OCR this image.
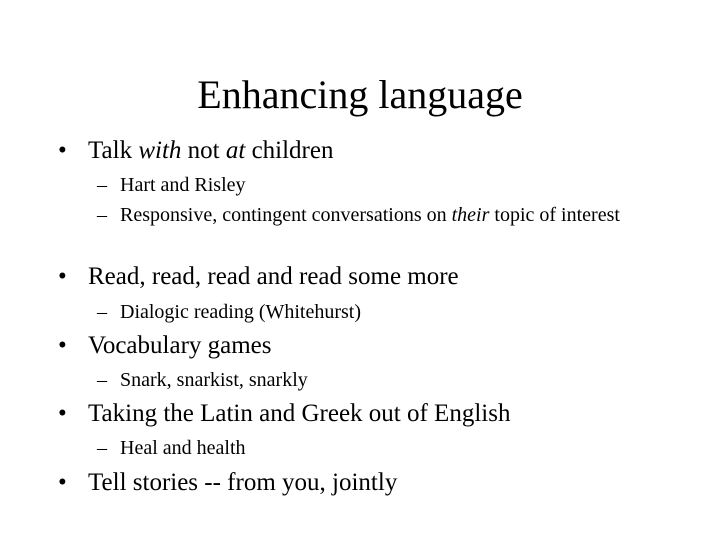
Enhancing language
• Talk with not at children
– Hart and Risley
– Responsive, contingent conversations on their topic of interest
• Read, read, read and read some more
– Dialogic reading (Whitehurst)
• Vocabulary games
– Snark, snarkist, snarkly
• Taking the Latin and Greek out of English
– Heal and health
• Tell stories -- from you, jointly
